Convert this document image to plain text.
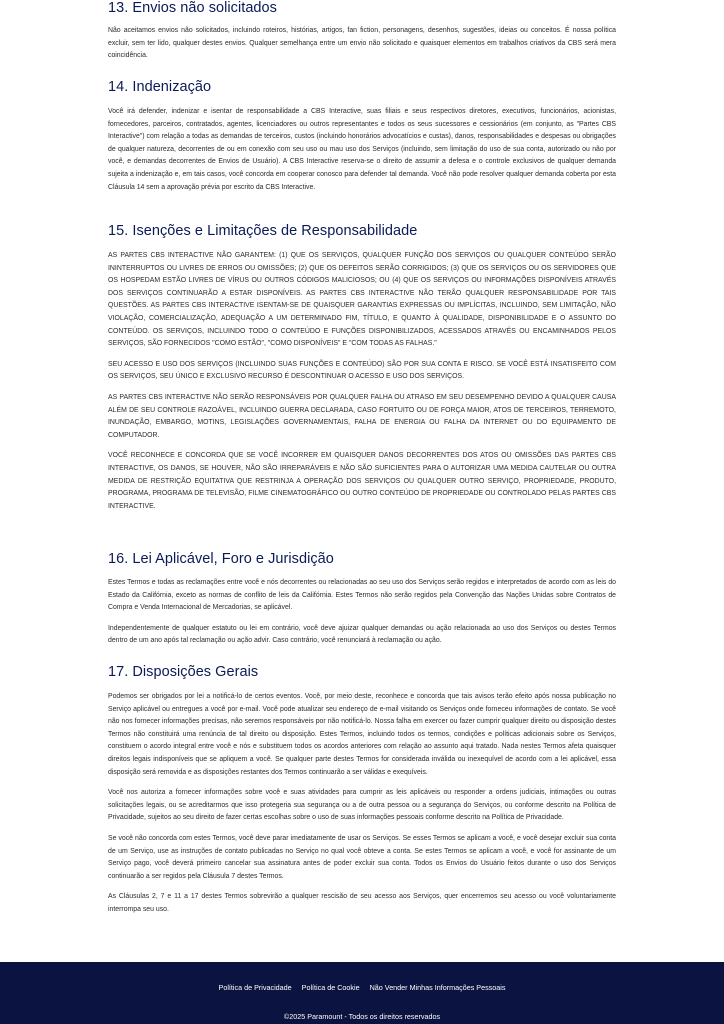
13. Envios não solicitados

Não aceitamos envios não solicitados, incluindo roteiros, histórias, artigos, fan fiction, personagens, desenhos, sugestões, ideias ou conceitos. É nossa política excluir, sem ter lido, qualquer destes envios. Qualquer semelhança entre um envio não solicitado e quaisquer elementos em trabalhos criativos da CBS será mera coincidência.

14. Indenização

Você irá defender, indenizar e isentar de responsabilidade a CBS Interactive, suas filiais e seus respectivos diretores, executivos, funcionários, acionistas, fornecedores, parceiros, contratados, agentes, licenciadores ou outros representantes e todos os seus sucessores e cessionários (em conjunto, as "Partes CBS Interactive") com relação a todas as demandas de terceiros, custos (incluindo honorários advocatícios e custas), danos, responsabilidades e despesas ou obrigações de qualquer natureza, decorrentes de ou em conexão com seu uso ou mau uso dos Serviços (incluindo, sem limitação do uso de sua conta, autorizado ou não por você, e demandas decorrentes de Envios de Usuário). A CBS Interactive reserva-se o direito de assumir a defesa e o controle exclusivos de qualquer demanda sujeita a indenização e, em tais casos, você concorda em cooperar conosco para defender tal demanda. Você não pode resolver qualquer demanda coberta por esta Cláusula 14 sem a aprovação prévia por escrito da CBS Interactive.

15. Isenções e Limitações de Responsabilidade

AS PARTES CBS INTERACTIVE NÃO GARANTEM: (1) QUE OS SERVIÇOS, QUALQUER FUNÇÃO DOS SERVIÇOS OU QUALQUER CONTEÚDO SERÃO ININTERRUPTOS OU LIVRES DE ERROS OU OMISSÕES; (2) QUE OS DEFEITOS SERÃO CORRIGIDOS; (3) QUE OS SERVIÇOS OU OS SERVIDORES QUE OS HOSPEDAM ESTÃO LIVRES DE VÍRUS OU OUTROS CÓDIGOS MALICIOSOS; OU (4) QUE OS SERVIÇOS OU INFORMAÇÕES DISPONÍVEIS ATRAVÉS DOS SERVIÇOS CONTINUARÃO A ESTAR DISPONÍVEIS. AS PARTES CBS INTERACTIVE NÃO TERÃO QUALQUER RESPONSABILIDADE POR TAIS QUESTÕES. AS PARTES CBS INTERACTIVE ISENTAM-SE DE QUAISQUER GARANTIAS EXPRESSAS OU IMPLÍCITAS, INCLUINDO, SEM LIMITAÇÃO, NÃO VIOLAÇÃO, COMERCIALIZAÇÃO, ADEQUAÇÃO A UM DETERMINADO FIM, TÍTULO, E QUANTO À QUALIDADE, DISPONIBILIDADE E O ASSUNTO DO CONTEÚDO. OS SERVIÇOS, INCLUINDO TODO O CONTEÚDO E FUNÇÕES DISPONIBILIZADOS, ACESSADOS ATRAVÉS OU ENCAMINHADOS PELOS SERVIÇOS, SÃO FORNECIDOS "COMO ESTÃO", "COMO DISPONÍVEIS" E "COM TODAS AS FALHAS."

SEU ACESSO E USO DOS SERVIÇOS (INCLUINDO SUAS FUNÇÕES E CONTEÚDO) SÃO POR SUA CONTA E RISCO. SE VOCÊ ESTÁ INSATISFEITO COM OS SERVIÇOS, SEU ÚNICO E EXCLUSIVO RECURSO É DESCONTINUAR O ACESSO E USO DOS SERVIÇOS.

AS PARTES CBS INTERACTIVE NÃO SERÃO RESPONSÁVEIS POR QUALQUER FALHA OU ATRASO EM SEU DESEMPENHO DEVIDO A QUALQUER CAUSA ALÉM DE SEU CONTROLE RAZOÁVEL, INCLUINDO GUERRA DECLARADA, CASO FORTUITO OU DE FORÇA MAIOR, ATOS DE TERCEIROS, TERREMOTO, INUNDAÇÃO, EMBARGO, MOTINS, LEGISLAÇÕES GOVERNAMENTAIS, FALHA DE ENERGIA OU FALHA DA INTERNET OU DO EQUIPAMENTO DE COMPUTADOR.

VOCÊ RECONHECE E CONCORDA QUE SE VOCÊ INCORRER EM QUAISQUER DANOS DECORRENTES DOS ATOS OU OMISSÕES DAS PARTES CBS INTERACTIVE, OS DANOS, SE HOUVER, NÃO SÃO IRREPARÁVEIS E NÃO SÃO SUFICIENTES PARA O AUTORIZAR UMA MEDIDA CAUTELAR OU OUTRA MEDIDA DE RESTRIÇÃO EQUITATIVA QUE RESTRINJA A OPERAÇÃO DOS SERVIÇOS OU QUALQUER OUTRO SERVIÇO, PROPRIEDADE, PRODUTO, PROGRAMA, PROGRAMA DE TELEVISÃO, FILME CINEMATOGRÁFICO OU OUTRO CONTEÚDO DE PROPRIEDADE OU CONTROLADO PELAS PARTES CBS INTERACTIVE.

16. Lei Aplicável, Foro e Jurisdição

Estes Termos e todas as reclamações entre você e nós decorrentes ou relacionadas ao seu uso dos Serviços serão regidos e interpretados de acordo com as leis do Estado da Califórnia, exceto as normas de conflito de leis da Califórnia. Estes Termos não serão regidos pela Convenção das Nações Unidas sobre Contratos de Compra e Venda Internacional de Mercadorias, se aplicável.

Independentemente de qualquer estatuto ou lei em contrário, você deve ajuizar qualquer demandas ou ação relacionada ao uso dos Serviços ou destes Termos dentro de um ano após tal reclamação ou ação advir. Caso contrário, você renunciará à reclamação ou ação.

17. Disposições Gerais

Podemos ser obrigados por lei a notificá-lo de certos eventos. Você, por meio deste, reconhece e concorda que tais avisos terão efeito após nossa publicação no Serviço aplicável ou entregues a você por e-mail. Você pode atualizar seu endereço de e-mail visitando os Serviços onde forneceu informações de contato. Se você não nos fornecer informações precisas, não seremos responsáveis por não notificá-lo. Nossa falha em exercer ou fazer cumprir qualquer direito ou disposição destes Termos não constituirá uma renúncia de tal direito ou disposição. Estes Termos, incluindo todos os termos, condições e políticas adicionais sobre os Serviços, constituem o acordo integral entre você e nós e substituem todos os acordos anteriores com relação ao assunto aqui tratado. Nada nestes Termos afeta quaisquer direitos legais indisponíveis que se apliquem a você. Se qualquer parte destes Termos for considerada inválida ou inexequível de acordo com a lei aplicável, essa disposição será removida e as disposições restantes dos Termos continuarão a ser válidas e exequíveis.

Você nos autoriza a fornecer informações sobre você e suas atividades para cumprir as leis aplicáveis ou responder a ordens judiciais, intimações ou outras solicitações legais, ou se acreditarmos que isso protegeria sua segurança ou a de outra pessoa ou a segurança do Serviços, ou conforme descrito na Política de Privacidade, sujeitos ao seu direito de fazer certas escolhas sobre o uso de suas informações pessoais conforme descrito na Política de Privacidade.

Se você não concorda com estes Termos, você deve parar imediatamente de usar os Serviços. Se esses Termos se aplicam a você, e você desejar excluir sua conta de um Serviço, use as instruções de contato publicadas no Serviço no qual você obteve a conta. Se estes Termos se aplicam a você, e você for assinante de um Serviço pago, você deverá primeiro cancelar sua assinatura antes de poder excluir sua conta. Todos os Envios do Usuário feitos durante o uso dos Serviços continuarão a ser regidos pela Cláusula 7 destes Termos.

As Cláusulas 2, 7 e 11 a 17 destes Termos sobrevirão a qualquer rescisão de seu acesso aos Serviços, quer encerremos seu acesso ou você voluntariamente interrompa seu uso.

Política de Privacidade Política de Cookie Não Vender Minhas Informações Pessoais
©2025 Paramount - Todos os direitos reservados
